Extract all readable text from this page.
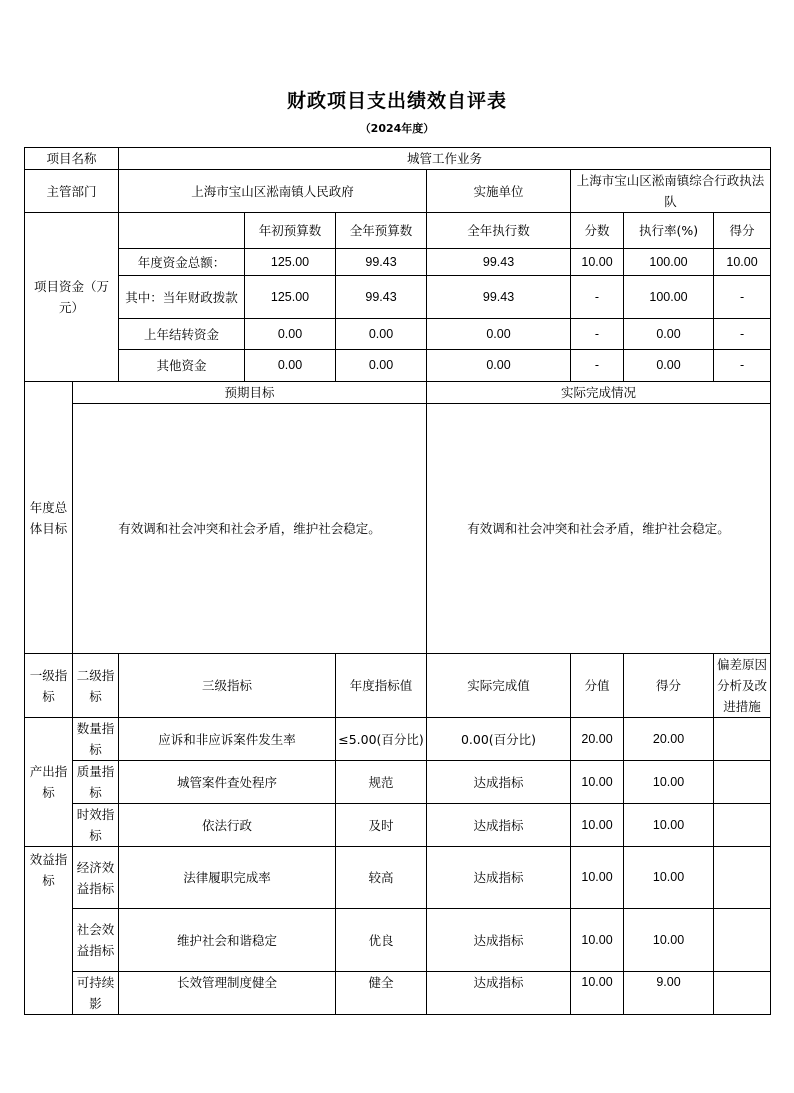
财政项目支出绩效自评表
（2024年度）
项目名称		城管工作业务						
主管部门		上海市宝山区淞南镇人民政府			实施单位	上海市宝山区淞南镇综合行政执法队		
项目资金（万元）			年初预算数	全年预算数	全年执行数	分数	执行率(%)	得分
		年度资金总额：	125.00	99.43	99.43	10.00	100.00	10.00
		其中：当年财政拨款	125.00	99.43	99.43	-	100.00	-
		上年结转资金	0.00	0.00	0.00	-	0.00	-
		其他资金	0.00	0.00	0.00	-	0.00	-
年度总体目标	预期目标				实际完成情况			
	有效调和社会冲突和社会矛盾，维护社会稳定。				有效调和社会冲突和社会矛盾，维护社会稳定。			
一级指标	二级指标	三级指标		年度指标值	实际完成值	分值	得分	偏差原因分析及改进措施
产出指标	数量指标	应诉和非应诉案件发生率		≤5.00(百分比)	0.00(百分比)	20.00	20.00	
	质量指标	城管案件查处程序		规范	达成指标	10.00	10.00	
	时效指标	依法行政		及时	达成指标	10.00	10.00	
效益指标	经济效益指标	法律履职完成率		较高	达成指标	10.00	10.00	
	社会效益指标	维护社会和谐稳定		优良	达成指标	10.00	10.00	
	可持续影	长效管理制度健全		健全	达成指标	10.00	9.00	
